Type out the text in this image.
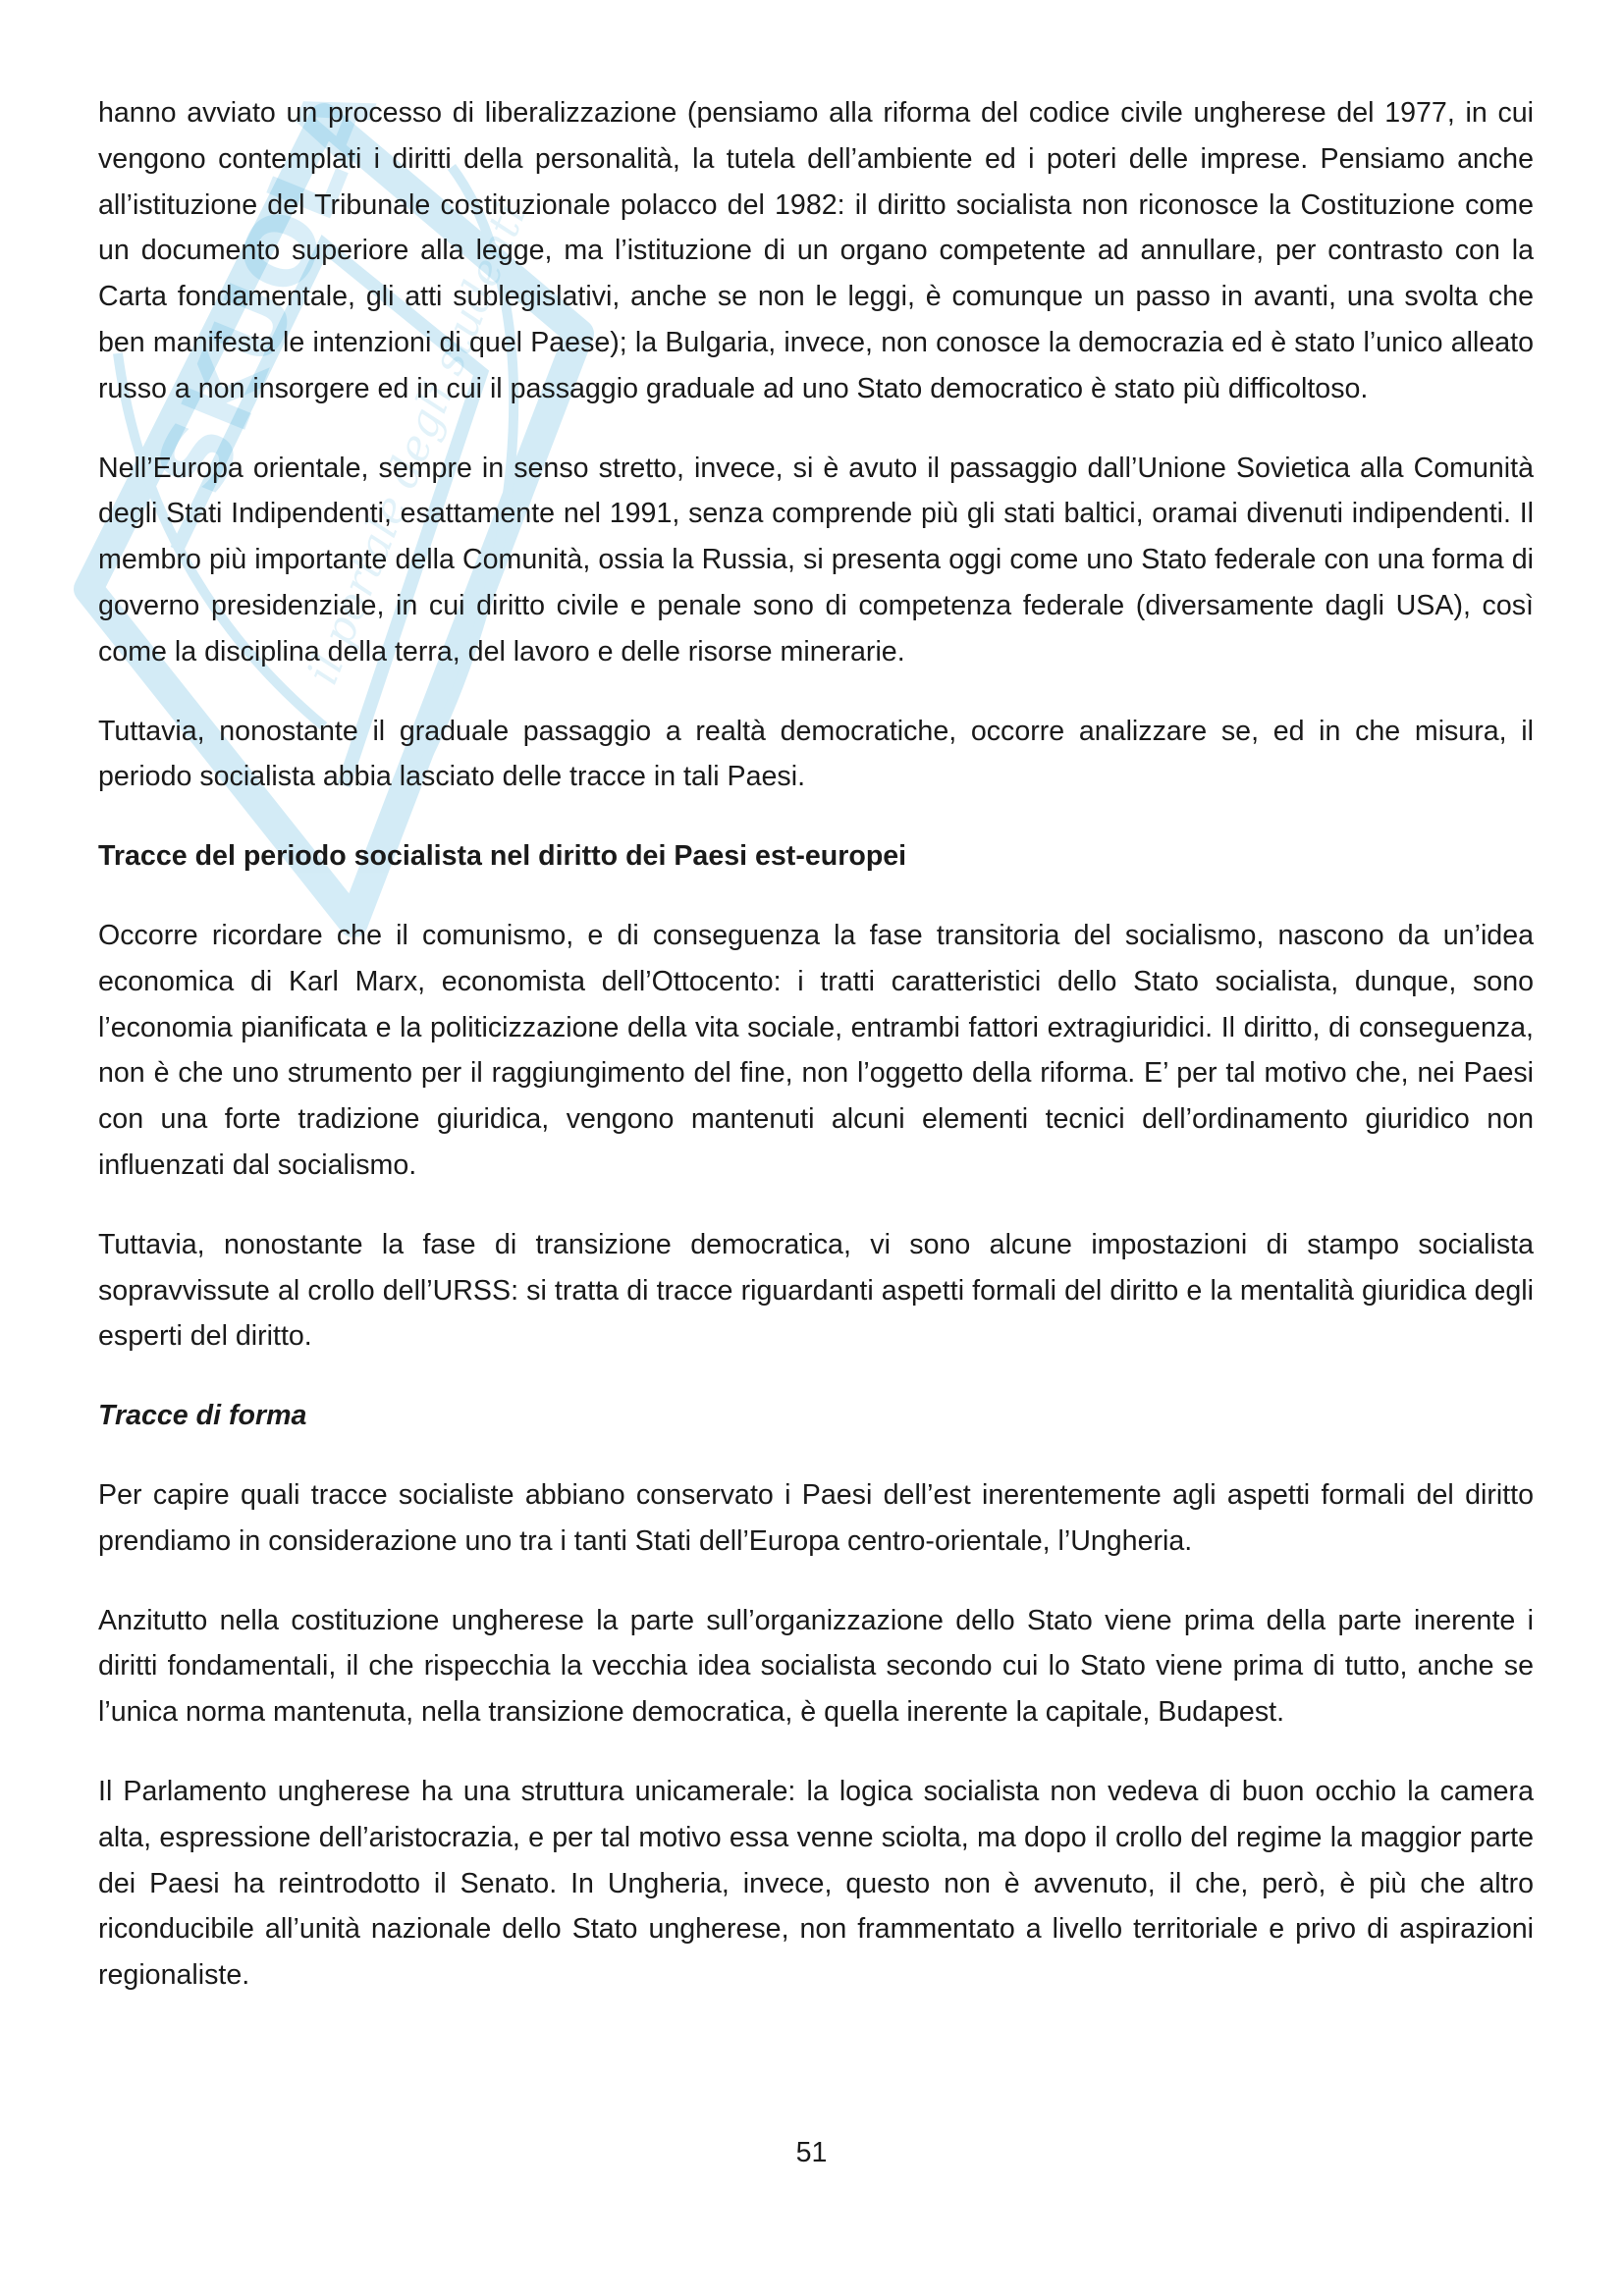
SKUOLA
il portale degli studenti

hanno avviato un processo di liberalizzazione (pensiamo alla riforma del codice civile ungherese del 1977, in cui vengono contemplati i diritti della personalità, la tutela dell’ambiente ed i poteri delle imprese. Pensiamo anche all’istituzione del Tribunale costituzionale polacco del 1982: il diritto socialista non riconosce la Costituzione come un documento superiore alla legge, ma l’istituzione di un organo competente ad annullare, per contrasto con la Carta fondamentale, gli atti sublegislativi, anche se non le leggi, è comunque un passo in avanti, una svolta che ben manifesta le intenzioni di quel Paese); la Bulgaria, invece, non conosce la democrazia ed è stato l’unico alleato russo a non insorgere ed in cui il passaggio graduale ad uno Stato democratico è stato più difficoltoso.

Nell’Europa orientale, sempre in senso stretto, invece, si è avuto il passaggio dall’Unione Sovietica alla Comunità degli Stati Indipendenti, esattamente nel 1991, senza comprende più gli stati baltici, oramai divenuti indipendenti. Il membro più importante della Comunità, ossia la Russia, si presenta oggi come uno Stato federale con una forma di governo presidenziale, in cui diritto civile e penale sono di competenza federale (diversamente dagli USA), così come la disciplina della terra, del lavoro e delle risorse minerarie.

Tuttavia, nonostante il graduale passaggio a realtà democratiche, occorre analizzare se, ed in che misura, il periodo socialista abbia lasciato delle tracce in tali Paesi.

Tracce del periodo socialista nel diritto dei Paesi est-europei

Occorre ricordare che il comunismo, e di conseguenza la fase transitoria del socialismo, nascono da un’idea economica di Karl Marx, economista dell’Ottocento: i tratti caratteristici dello Stato socialista, dunque, sono l’economia pianificata e la politicizzazione della vita sociale, entrambi fattori extragiuridici. Il diritto, di conseguenza, non è che uno strumento per il raggiungimento del fine, non l’oggetto della riforma. E’ per tal motivo che, nei Paesi con una forte tradizione giuridica, vengono mantenuti alcuni elementi tecnici dell’ordinamento giuridico non influenzati dal socialismo.

Tuttavia, nonostante la fase di transizione democratica, vi sono alcune impostazioni di stampo socialista sopravvissute al crollo dell’URSS: si tratta di tracce riguardanti aspetti formali del diritto e la mentalità giuridica degli esperti del diritto.

Tracce di forma

Per capire quali tracce socialiste abbiano conservato i Paesi dell’est inerentemente agli aspetti formali del diritto prendiamo in considerazione uno tra i tanti Stati dell’Europa centro-orientale, l’Ungheria.

Anzitutto nella costituzione ungherese la parte sull’organizzazione dello Stato viene prima della parte inerente i diritti fondamentali, il che rispecchia la vecchia idea socialista secondo cui lo Stato viene prima di tutto, anche se l’unica norma mantenuta, nella transizione democratica, è quella inerente la capitale, Budapest.

Il Parlamento ungherese ha una struttura unicamerale: la logica socialista non vedeva di buon occhio la camera alta, espressione dell’aristocrazia, e per tal motivo essa venne sciolta, ma dopo il crollo del regime la maggior parte dei Paesi ha reintrodotto il Senato. In Ungheria, invece, questo non è avvenuto, il che, però, è più che altro riconducibile all’unità nazionale dello Stato ungherese, non frammentato a livello territoriale e privo di aspirazioni regionaliste.

51
